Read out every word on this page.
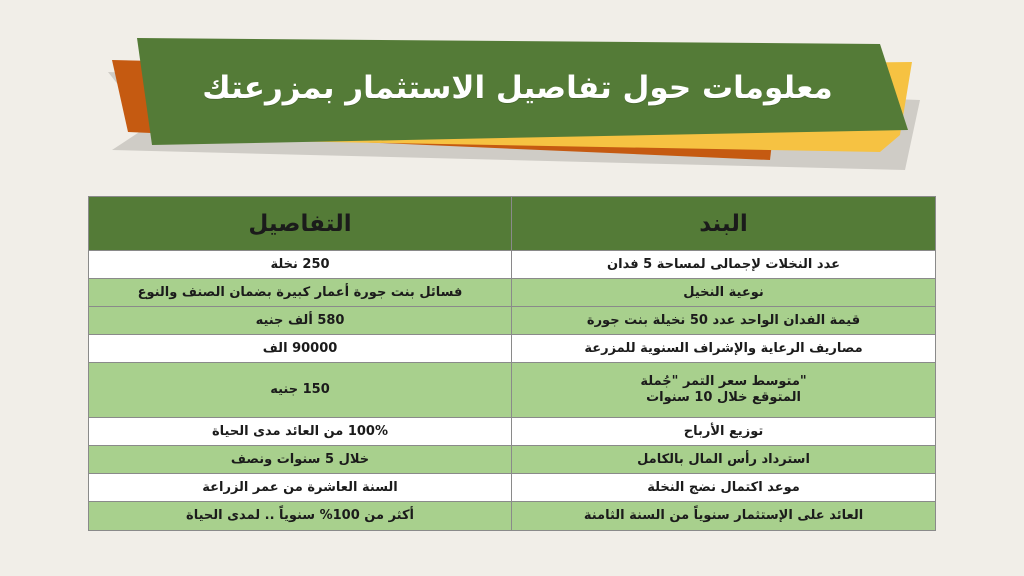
معلومات حول تفاصيل الاستثمار بمزرعتك
البند
التفاصيل
عدد النخلات لإجمالى لمساحة 5 فدان
250 نخلة
نوعية النخيل
فسائل بنت جورة أعمار كبيرة بضمان الصنف والنوع
قيمة الفدان الواحد عدد 50 نخيلة بنت جورة
580 ألف جنيه
مصاريف الرعاية والإشراف السنوية للمزرعة
90000 الف
"متوسط سعر التمر "جُملة
المتوقع خلال 10 سنوات
150 جنيه
توزيع الأرباح
100% من العائد مدى الحياة
استرداد رأس المال بالكامل
خلال 5 سنوات ونصف
موعد اكتمال نضج النخلة
السنة العاشرة من عمر الزراعة
العائد على الإستثمار سنوياً من السنة الثامنة
أكثر من 100% سنوياً .. لمدى الحياة
